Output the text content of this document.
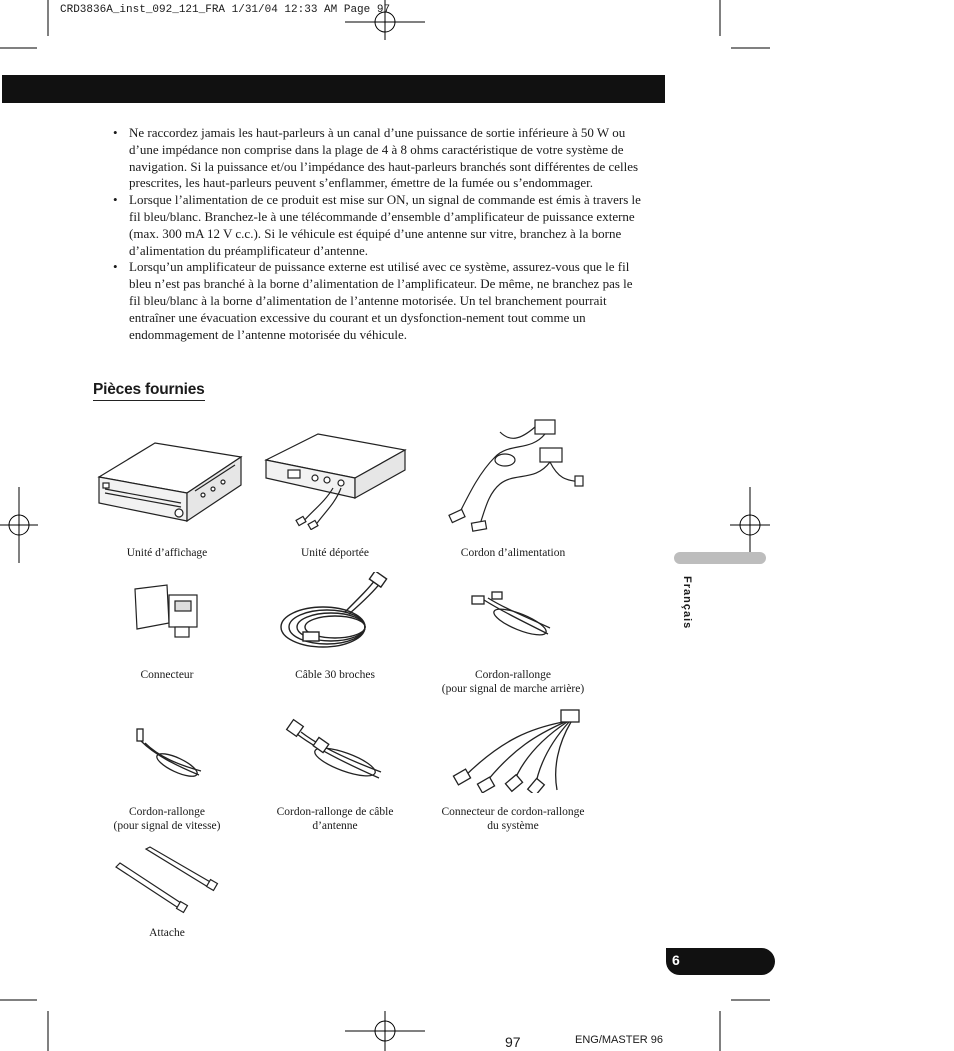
CRD3836A_inst_092_121_FRA 1/31/04 12:33 AM Page 97
• Ne raccordez jamais les haut-parleurs à un canal d’une puissance de sortie inférieure à 50 W ou d’une impédance non comprise dans la plage de 4 à 8 ohms caractéristique de votre système de navigation. Si la puissance et/ou l’impédance des haut-parleurs branchés sont différentes de celles prescrites, les haut-parleurs peuvent s’enflammer, émettre de la fumée ou s’endommager.
• Lorsque l’alimentation de ce produit est mise sur ON, un signal de commande est émis à travers le fil bleu/blanc. Branchez-le à une télécommande d’ensemble d’amplificateur de puissance externe (max. 300 mA 12 V c.c.). Si le véhicule est équipé d’une antenne sur vitre, branchez à la borne d’alimentation du préamplificateur d’antenne.
• Lorsqu’un amplificateur de puissance externe est utilisé avec ce système, assurez-vous que le fil bleu n’est pas branché à la borne d’alimentation de l’amplificateur. De même, ne branchez pas le fil bleu/blanc à la borne d’alimentation de l’antenne motorisée. Un tel branchement pourrait entraîner une évacuation excessive du courant et un dysfonction-nement tout comme un endommagement de l’antenne motorisée du véhicule.
Pièces fournies
Unité d’affichage	Unité déportée	Cordon d’alimentation
Connecteur	Câble 30 broches	Cordon-rallonge
(pour signal de marche arrière)
Cordon-rallonge
(pour signal de vitesse)
Cordon-rallonge de câble
d’antenne
Connecteur de cordon-rallonge
du système
Attache
Français
6
97	ENG/MASTER 96
